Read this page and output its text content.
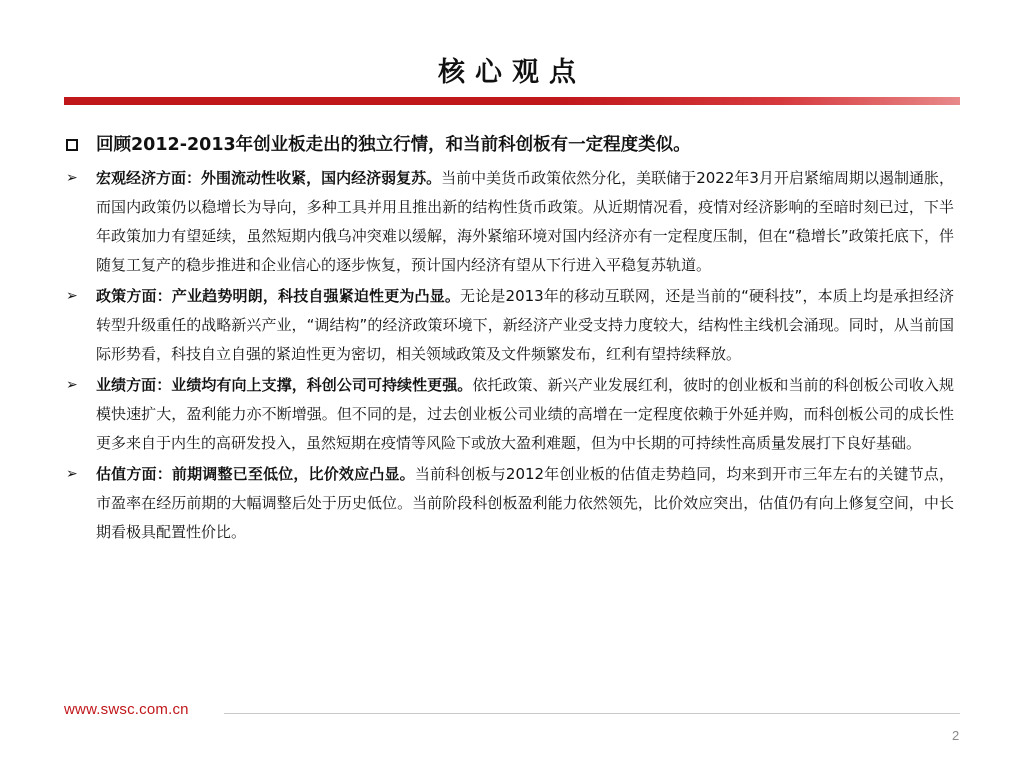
核心观点
回顾2012-2013年创业板走出的独立行情，和当前科创板有一定程度类似。
➢ 宏观经济方面：外围流动性收紧，国内经济弱复苏。当前中美货币政策依然分化，美联储于2022年3月开启紧缩周期以遏制通胀，而国内政策仍以稳增长为导向，多种工具并用且推出新的结构性货币政策。从近期情况看，疫情对经济影响的至暗时刻已过，下半年政策加力有望延续，虽然短期内俄乌冲突难以缓解，海外紧缩环境对国内经济亦有一定程度压制，但在“稳增长”政策托底下，伴随复工复产的稳步推进和企业信心的逐步恢复，预计国内经济有望从下行进入平稳复苏轨道。
➢ 政策方面：产业趋势明朗，科技自强紧迫性更为凸显。无论是2013年的移动互联网，还是当前的“硬科技”，本质上均是承担经济转型升级重任的战略新兴产业，“调结构”的经济政策环境下，新经济产业受支持力度较大，结构性主线机会涌现。同时，从当前国际形势看，科技自立自强的紧迫性更为密切，相关领域政策及文件频繁发布，红利有望持续释放。
➢ 业绩方面：业绩均有向上支撑，科创公司可持续性更强。依托政策、新兴产业发展红利，彼时的创业板和当前的科创板公司收入规模快速扩大，盈利能力亦不断增强。但不同的是，过去创业板公司业绩的高增在一定程度依赖于外延并购，而科创板公司的成长性更多来自于内生的高研发投入，虽然短期在疫情等风险下或放大盈利难题，但为中长期的可持续性高质量发展打下良好基础。
➢ 估值方面：前期调整已至低位，比价效应凸显。当前科创板与2012年创业板的估值走势趋同，均来到开市三年左右的关键节点，市盈率在经历前期的大幅调整后处于历史低位。当前阶段科创板盈利能力依然领先，比价效应突出，估值仍有向上修复空间，中长期看极具配置性价比。
www.swsc.com.cn
2
